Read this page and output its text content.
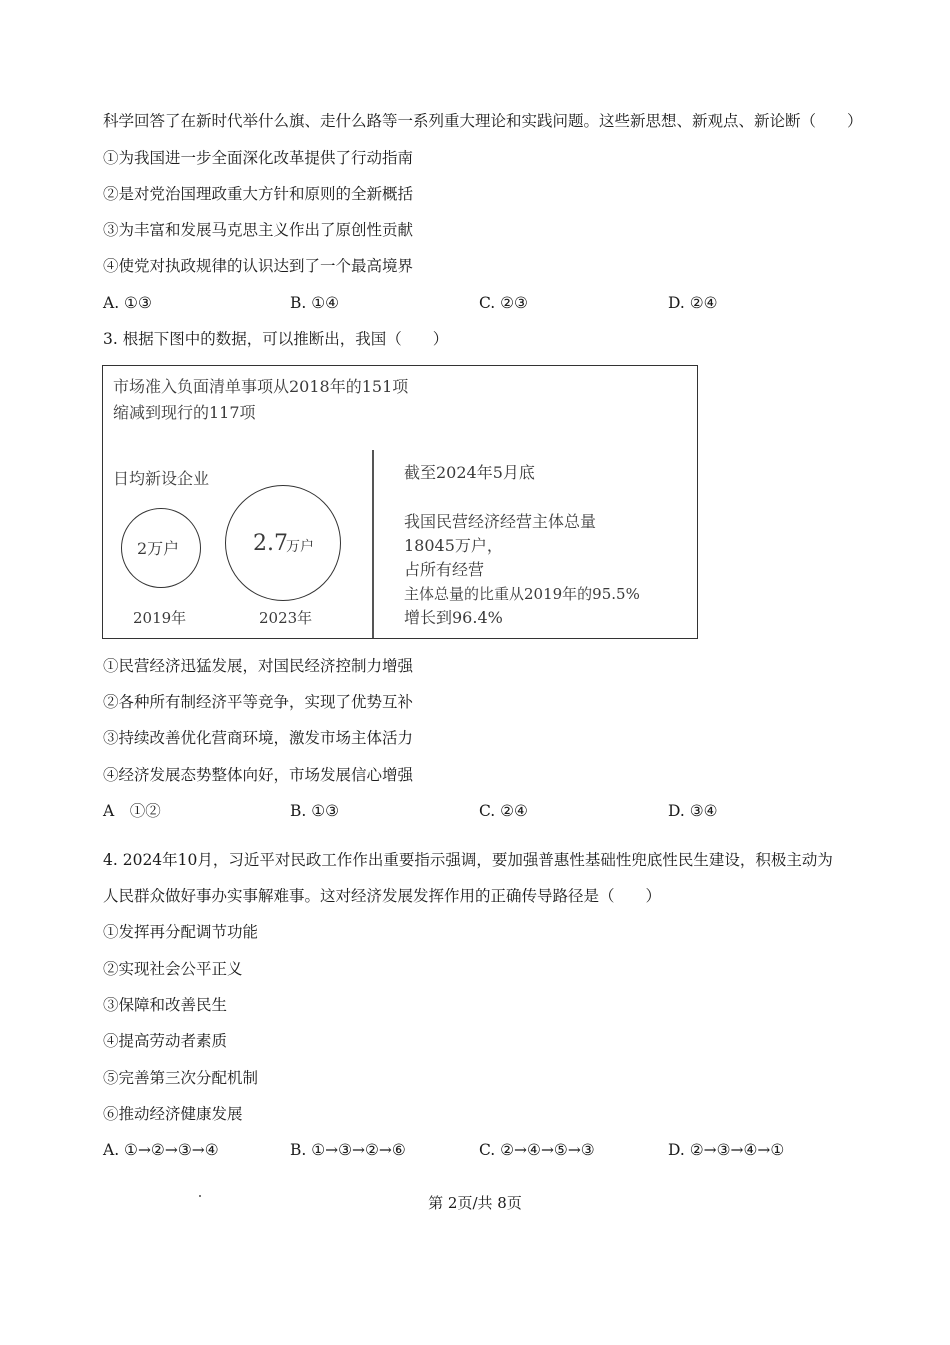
科学回答了在新时代举什么旗、走什么路等一系列重大理论和实践问题。这些新思想、新观点、新论断（　　）
①为我国进一步全面深化改革提供了行动指南
②是对党治国理政重大方针和原则的全新概括
③为丰富和发展马克思主义作出了原创性贡献
④使党对执政规律的认识达到了一个最高境界
A. ①③	B. ①④	C. ②③	D. ②④
3. 根据下图中的数据，可以推断出，我国（　　）
市场准入负面清单事项从2018年的151项
缩减到现行的117项
日均新设企业
2万户	2.7
万户
2019年	2023年
截至2024年5月底
我国民营经济经营主体总量
18045万户，
占所有经营
主体总量的比重从2019年的95.5%
增长到96.4%
①民营经济迅猛发展，对国民经济控制力增强
②各种所有制经济平等竞争，实现了优势互补
③持续改善优化营商环境，激发市场主体活力
④经济发展态势整体向好，市场发展信心增强
A　①②	B. ①③	C. ②④	D. ③④
4. 2024年10月，习近平对民政工作作出重要指示强调，要加强普惠性基础性兜底性民生建设，积极主动为
人民群众做好事办实事解难事。这对经济发展发挥作用的正确传导路径是（　　）
①发挥再分配调节功能
②实现社会公平正义
③保障和改善民生
④提高劳动者素质
⑤完善第三次分配机制
⑥推动经济健康发展
A. ①→②→③→④	B. ①→③→②→⑥	C. ②→④→⑤→③	D. ②→③→④→①
第 2页/共 8页
